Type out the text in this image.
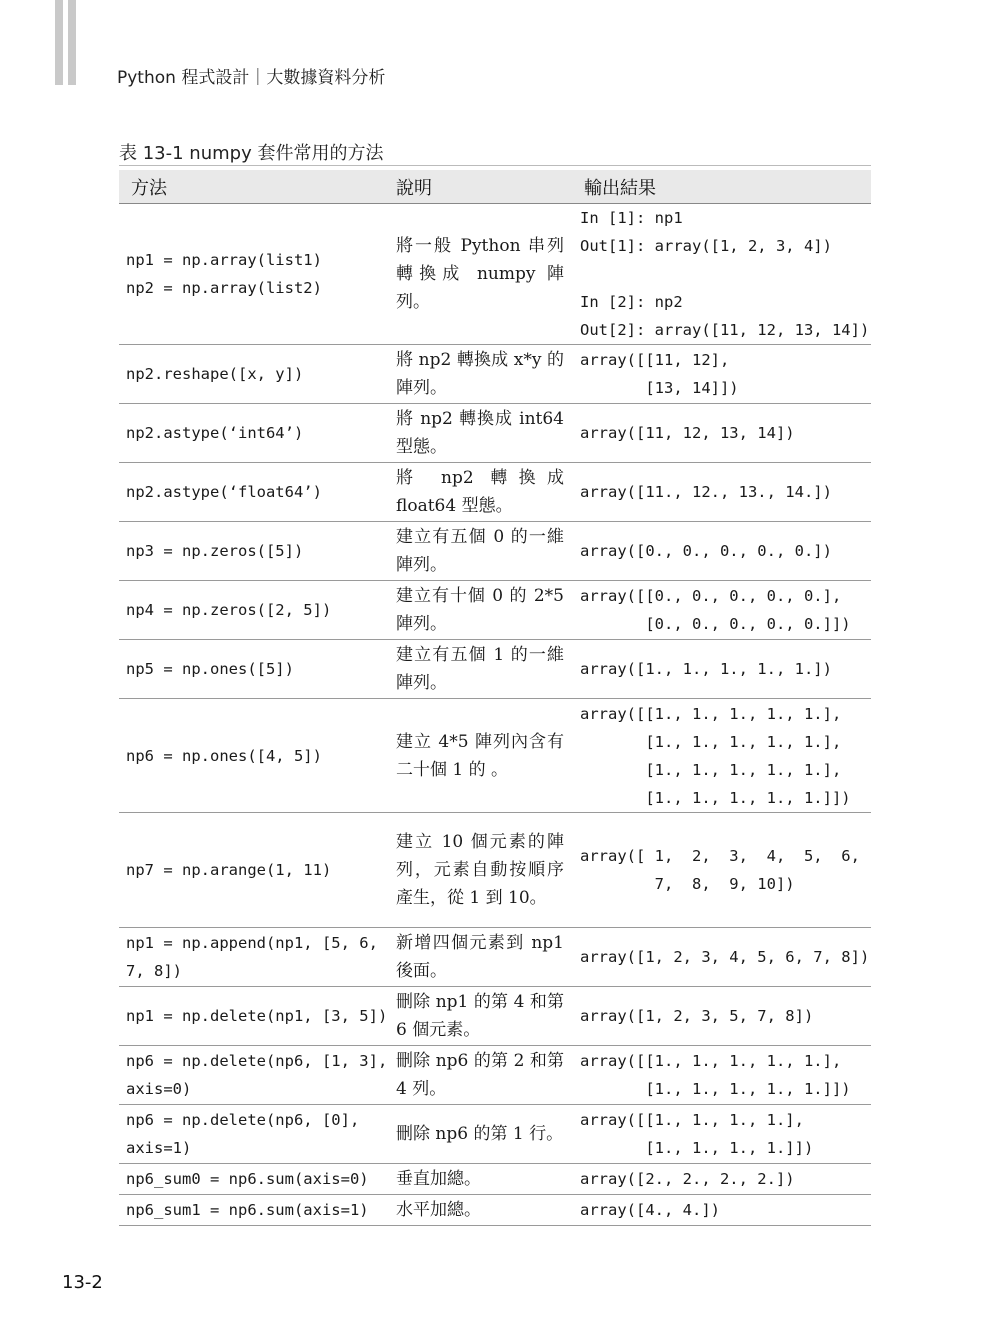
Python 程式設計｜大數據資料分析
表 13-1 numpy 套件常用的方法
方法	說明	輸出結果
np1 = np.array(list1)
np2 = np.array(list2)	將一般 Python 串列轉換成 numpy 陣列。	In [1]: np1
Out[1]: array([1, 2, 3, 4])

In [2]: np2
Out[2]: array([11, 12, 13, 14])
np2.reshape([x, y])	將 np2 轉換成 x*y 的陣列。	array([[11, 12],
[13, 14]])
np2.astype(‘int64’)	將 np2 轉換成 int64 型態。	array([11, 12, 13, 14])
np2.astype(‘float64’)	將 np2 轉換成 float64 型態。	array([11., 12., 13., 14.])
np3 = np.zeros([5])	建立有五個 0 的一維陣列。	array([0., 0., 0., 0., 0.])
np4 = np.zeros([2, 5])	建立有十個 0 的 2*5 陣列。	array([[0., 0., 0., 0., 0.],
[0., 0., 0., 0., 0.]])
np5 = np.ones([5])	建立有五個 1 的一維陣列。	array([1., 1., 1., 1., 1.])
np6 = np.ones([4, 5])	建立 4*5 陣列內含有二十個 1 的 。	array([[1., 1., 1., 1., 1.],
[1., 1., 1., 1., 1.],
[1., 1., 1., 1., 1.],
[1., 1., 1., 1., 1.]])
np7 = np.arange(1, 11)	建立 10 個元素的陣列，元素自動按順序產生，從 1 到 10。	array([ 1,  2,  3,  4,  5,  6,
7,  8,  9, 10])
np1 = np.append(np1, [5, 6,
7, 8])	新增四個元素到 np1 後面。	array([1, 2, 3, 4, 5, 6, 7, 8])
np1 = np.delete(np1, [3, 5])	刪除 np1 的第 4 和第 6 個元素。	array([1, 2, 3, 5, 7, 8])
np6 = np.delete(np6, [1, 3],
axis=0)	刪除 np6 的第 2 和第 4 列。	array([[1., 1., 1., 1., 1.],
[1., 1., 1., 1., 1.]])
np6 = np.delete(np6, [0],
axis=1)	刪除 np6 的第 1 行。	array([[1., 1., 1., 1.],
[1., 1., 1., 1.]])
np6_sum0 = np6.sum(axis=0)	垂直加總。	array([2., 2., 2., 2.])
np6_sum1 = np6.sum(axis=1)	水平加總。	array([4., 4.])
13-2
